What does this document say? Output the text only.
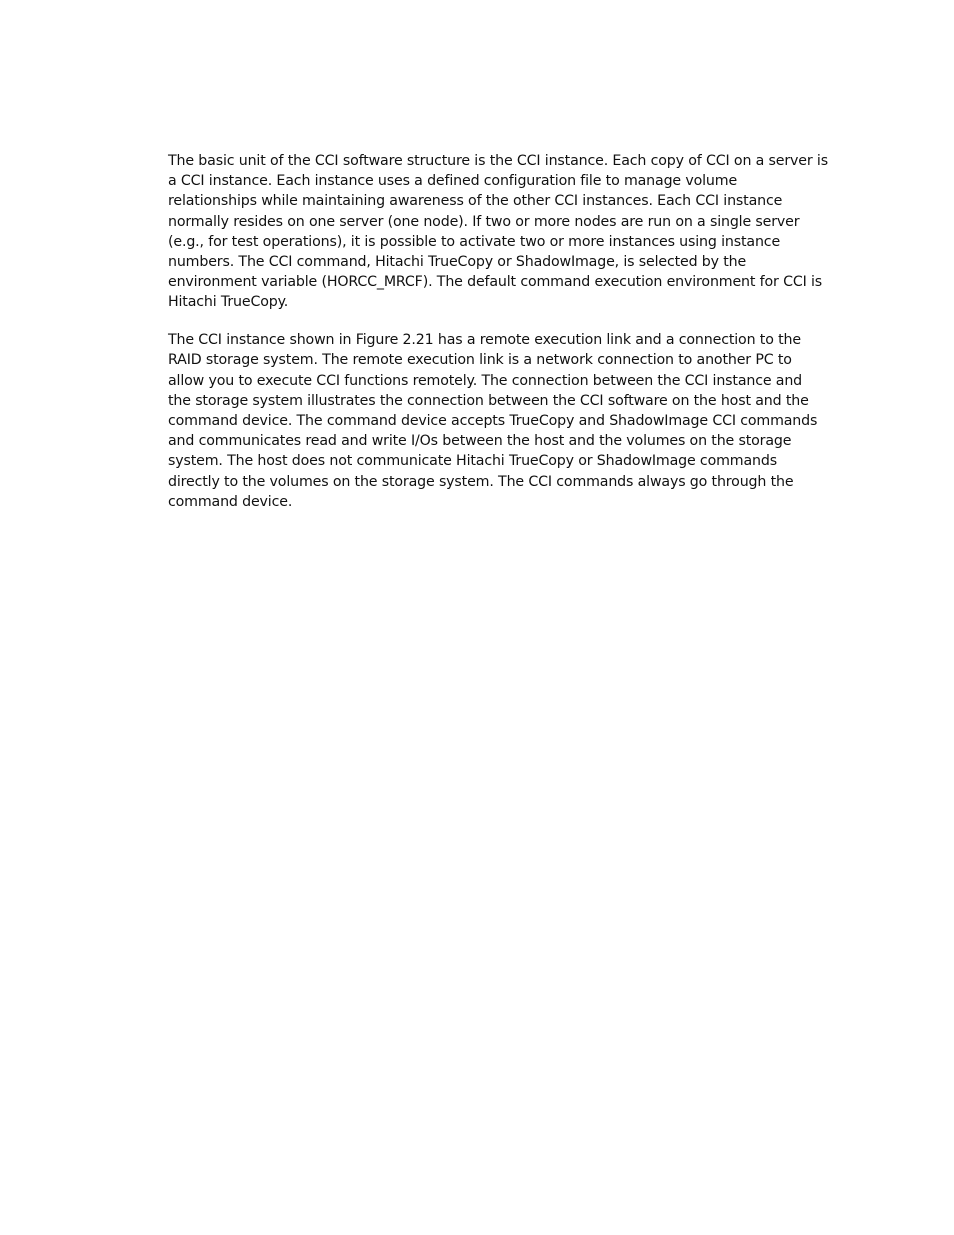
The basic unit of the CCI software structure is the CCI instance. Each copy of CCI on a server is a CCI instance. Each instance uses a defined configuration file to manage volume relationships while maintaining awareness of the other CCI instances. Each CCI instance normally resides on one server (one node). If two or more nodes are run on a single server (e.g., for test operations), it is possible to activate two or more instances using instance numbers. The CCI command, Hitachi TrueCopy or ShadowImage, is selected by the environment variable (HORCC_MRCF). The default command execution environment for CCI is Hitachi TrueCopy.

The CCI instance shown in Figure 2.21 has a remote execution link and a connection to the RAID storage system. The remote execution link is a network connection to another PC to allow you to execute CCI functions remotely. The connection between the CCI instance and the storage system illustrates the connection between the CCI software on the host and the command device. The command device accepts TrueCopy and ShadowImage CCI commands and communicates read and write I/Os between the host and the volumes on the storage system. The host does not communicate Hitachi TrueCopy or ShadowImage commands directly to the volumes on the storage system. The CCI commands always go through the command device.
